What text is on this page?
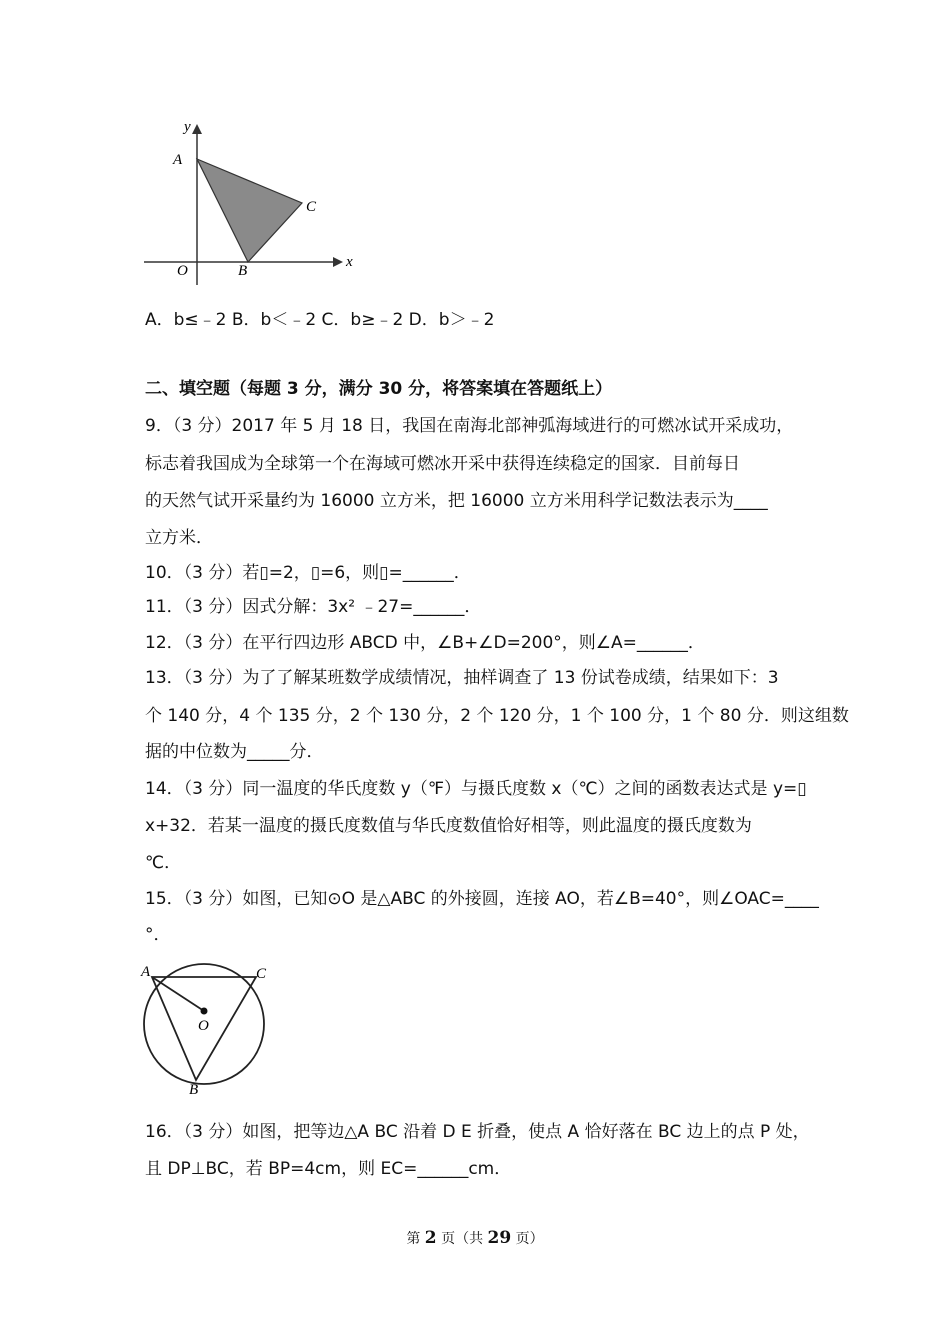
y
x
A
C
O	B
A．b≤﹣2 B．b＜﹣2 C．b≥﹣2 D．b＞﹣2
二、填空题（每题 3 分，满分 30 分，将答案填在答题纸上）
9．（3 分）2017 年 5 月 18 日，我国在南海北部神弧海域进行的可燃冰试开采成功，
标志着我国成为全球第一个在海域可燃冰开采中获得连续稳定的国家．目前每日
的天然气试开采量约为 16000 立方米，把 16000 立方米用科学记数法表示为____
立方米．
10．（3 分）若▯=2，▯=6，则▯=______．
11．（3 分）因式分解：3x² ﹣27=______．
12．（3 分）在平行四边形 ABCD 中，∠B+∠D=200°，则∠A=______．
13．（3 分）为了了解某班数学成绩情况，抽样调查了 13 份试卷成绩，结果如下：3
个 140 分，4 个 135 分，2 个 130 分，2 个 120 分，1 个 100 分，1 个 80 分．则这组数
据的中位数为_____分．
14．（3 分）同一温度的华氏度数 y（℉）与摄氏度数 x（℃）之间的函数表达式是 y=▯
x+32．若某一温度的摄氏度数值与华氏度数值恰好相等，则此温度的摄氏度数为
℃．
15．（3 分）如图，已知⊙O 是△ABC 的外接圆，连接 AO，若∠B=40°，则∠OAC=____
°．
A	C
O
B
16．（3 分）如图，把等边△A BC 沿着 D E 折叠，使点 A 恰好落在 BC 边上的点 P 处，
且 DP⊥BC，若 BP=4cm，则 EC=______cm．
第 2 页（共 29 页）
